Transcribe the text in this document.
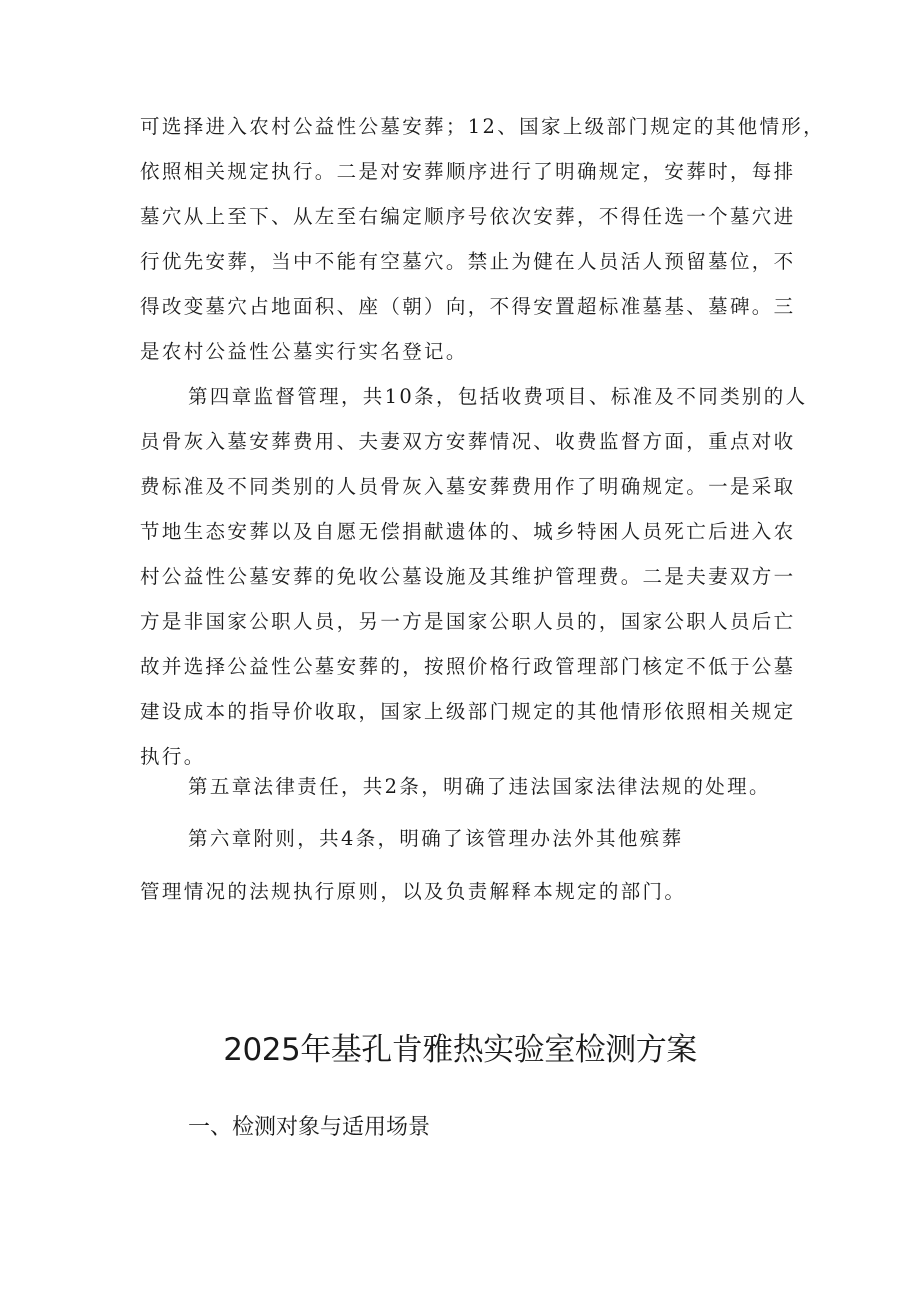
可选择进入农村公益性公墓安葬；12、国家上级部门规定的其他情形，
依照相关规定执行。二是对安葬顺序进行了明确规定，安葬时，每排
墓穴从上至下、从左至右编定顺序号依次安葬，不得任选一个墓穴进
行优先安葬，当中不能有空墓穴。禁止为健在人员活人预留墓位，不
得改变墓穴占地面积、座（朝）向，不得安置超标准墓基、墓碑。三
是农村公益性公墓实行实名登记。
第四章监督管理，共10条，包括收费项目、标准及不同类别的人
员骨灰入墓安葬费用、夫妻双方安葬情况、收费监督方面，重点对收
费标准及不同类别的人员骨灰入墓安葬费用作了明确规定。一是采取
节地生态安葬以及自愿无偿捐献遗体的、城乡特困人员死亡后进入农
村公益性公墓安葬的免收公墓设施及其维护管理费。二是夫妻双方一
方是非国家公职人员，另一方是国家公职人员的，国家公职人员后亡
故并选择公益性公墓安葬的，按照价格行政管理部门核定不低于公墓
建设成本的指导价收取，国家上级部门规定的其他情形依照相关规定
执行。
第五章法律责任，共2条，明确了违法国家法律法规的处理。
第六章附则，共4条，明确了该管理办法外其他殡葬
管理情况的法规执行原则，以及负责解释本规定的部门。
2025年基孔肯雅热实验室检测方案
一、检测对象与适用场景
